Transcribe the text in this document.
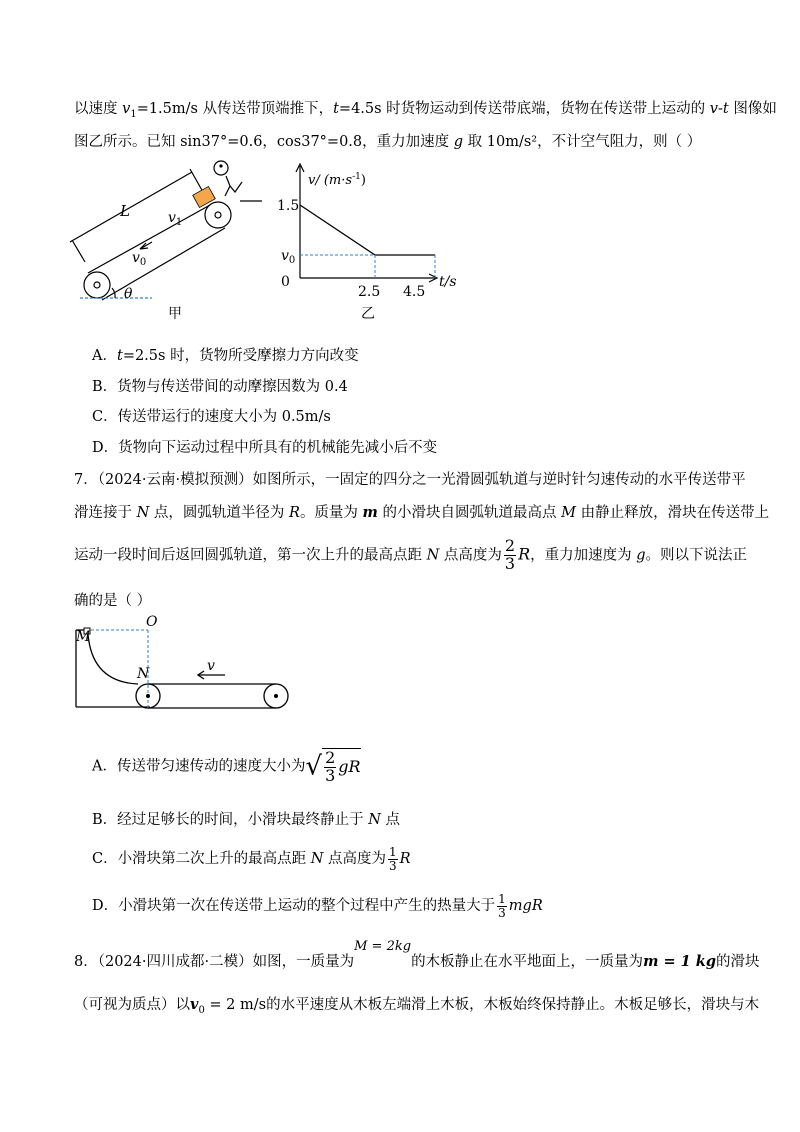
以速度 $v_1=1.5m/s$ 从传送带顶端推下，t=4.5s 时货物运动到传送带底端，货物在传送带上运动的 v-t 图像如
图乙所示。已知 sin37°=0.6，cos37°=0.8，重力加速度 g 取 10m/s²，不计空气阻力，则（ ）
L	$v_1$
$v_0$
θ
甲
v/ $(m\cdot s^{-1})$
1.5
$v_0$
0
2.5 4.5
t/s
乙
A．t=2.5s 时，货物所受摩擦力方向改变
B．货物与传送带间的动摩擦因数为 0.4
C．传送带运行的速度大小为 0.5m/s
D．货物向下运动过程中所具有的机械能先减小后不变
7．（2024·云南·模拟预测）如图所示，一固定的四分之一光滑圆弧轨道与逆时针匀速传动的水平传送带平
滑连接于 N 点，圆弧轨道半径为 R。质量为 m 的小滑块自圆弧轨道最高点 M 由静止释放，滑块在传送带上
运动一段时间后返回圆弧轨道，第一次上升的最高点距 N 点高度为 $\frac{2}{3}$ R，重力加速度为 g。则以下说法正
确的是（ ）
M
O
N	v
A．传送带匀速传动的速度大小为√ $\frac{2}{3}$ gR
B．经过足够长的时间，小滑块最终静止于 N 点
C．小滑块第二次上升的最高点距 N 点高度为 $\frac{1}{3}$ R
D．小滑块第一次在传送带上运动的整个过程中产生的热量大于 $\frac{1}{3}$ mgR
8．（2024·四川成都·二模）如图，一质量为M = 2kg的木板静止在水平地面上，一质量为m = 1 kg的滑块
（可视为质点）以$v_0 = 2$ m/s的水平速度从木板左端滑上木板，木板始终保持静止。木板足够长，滑块与木
